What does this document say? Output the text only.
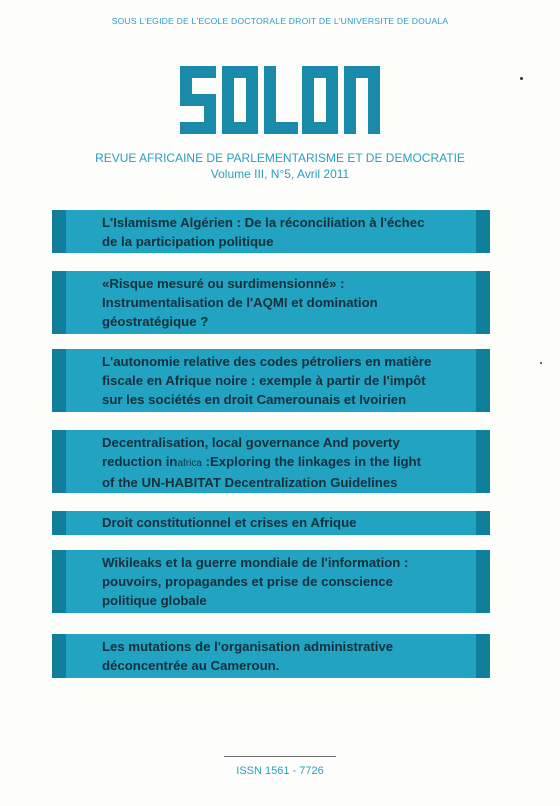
SOUS L'EGIDE DE L'ECOLE DOCTORALE DROIT DE L'UNIVERSITE DE DOUALA
REVUE AFRICAINE DE PARLEMENTARISME ET DE DEMOCRATIE
Volume III, N°5, Avril 2011
L'Islamisme Algérien : De la réconciliation à l'échec
de la participation politique
«Risque mesuré ou surdimensionné» :
Instrumentalisation de l'AQMI et domination
géostratégique ?
L'autonomie relative des codes pétroliers en matière
fiscale en Afrique noire : exemple à partir de l'impôt
sur les sociétés en droit Camerounais et Ivoirien
Decentralisation, local governance And poverty
reduction inafrica :Exploring the linkages in the light
of the UN-HABITAT Decentralization Guidelines
Droit constitutionnel et crises en Afrique
Wikileaks et la guerre mondiale de l'information :
pouvoirs, propagandes et prise de conscience
politique globale
Les mutations de l'organisation administrative
déconcentrée au Cameroun.
ISSN 1561 - 7726
